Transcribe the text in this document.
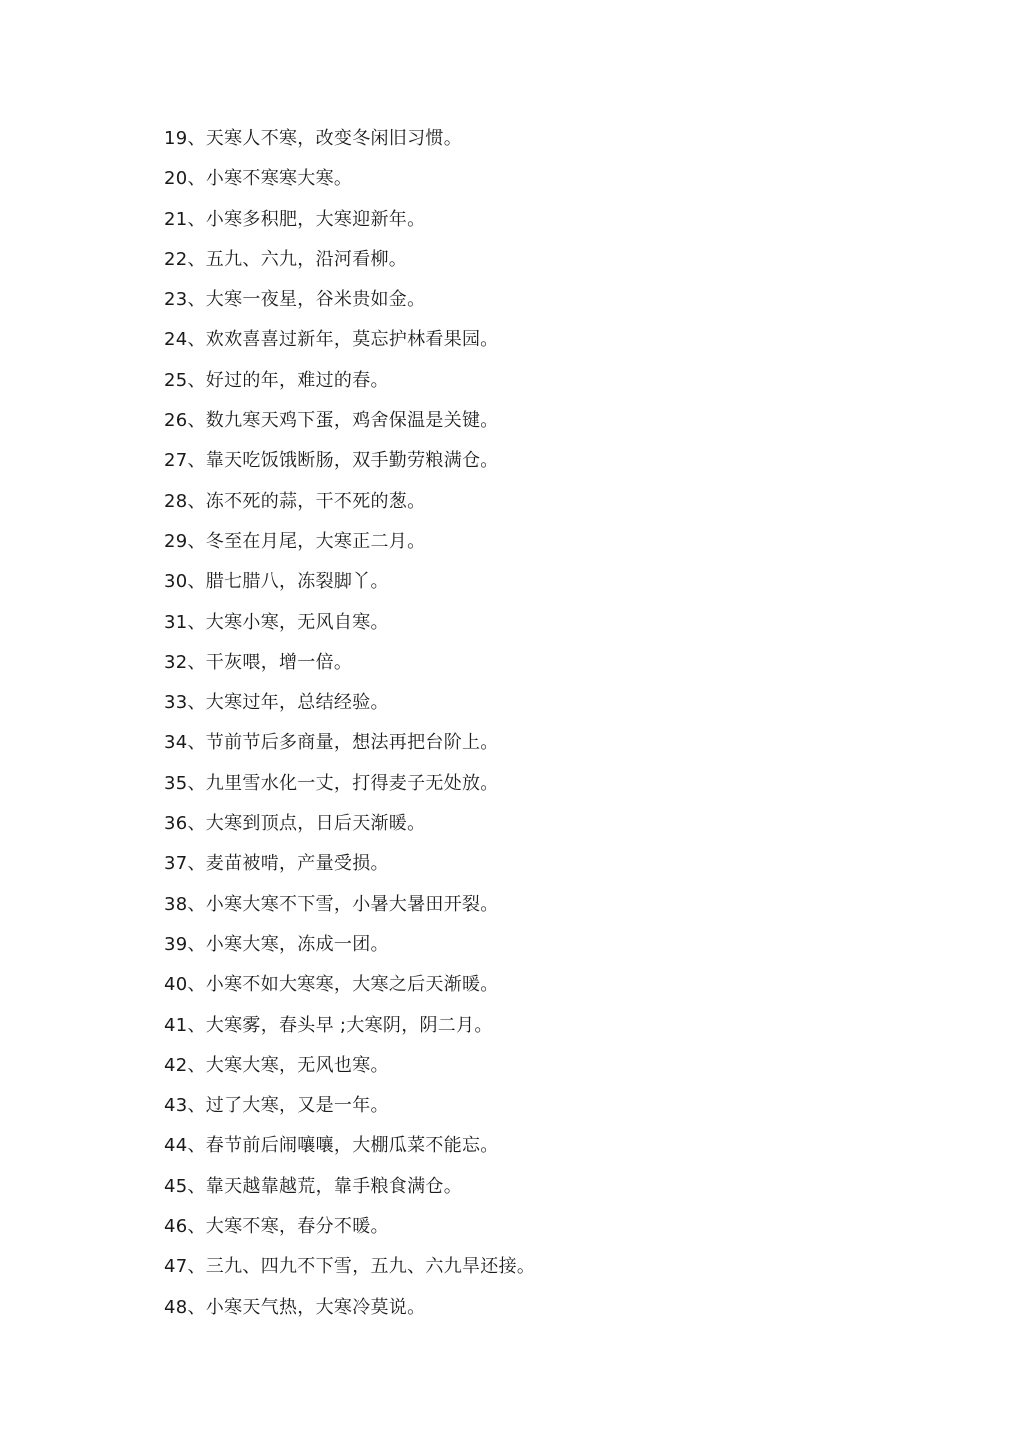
19、天寒人不寒，改变冬闲旧习惯。
20、小寒不寒寒大寒。
21、小寒多积肥，大寒迎新年。
22、五九、六九，沿河看柳。
23、大寒一夜星，谷米贵如金。
24、欢欢喜喜过新年，莫忘护林看果园。
25、好过的年，难过的春。
26、数九寒天鸡下蛋，鸡舍保温是关键。
27、靠天吃饭饿断肠，双手勤劳粮满仓。
28、冻不死的蒜，干不死的葱。
29、冬至在月尾，大寒正二月。
30、腊七腊八，冻裂脚丫。
31、大寒小寒，无风自寒。
32、干灰喂，增一倍。
33、大寒过年，总结经验。
34、节前节后多商量，想法再把台阶上。
35、九里雪水化一丈，打得麦子无处放。
36、大寒到顶点，日后天渐暖。
37、麦苗被啃，产量受损。
38、小寒大寒不下雪，小暑大暑田开裂。
39、小寒大寒，冻成一团。
40、小寒不如大寒寒，大寒之后天渐暖。
41、大寒雾，春头早 ;大寒阴，阴二月。
42、大寒大寒，无风也寒。
43、过了大寒，又是一年。
44、春节前后闹嚷嚷，大棚瓜菜不能忘。
45、靠天越靠越荒，靠手粮食满仓。
46、大寒不寒，春分不暖。
47、三九、四九不下雪，五九、六九旱还接。
48、小寒天气热，大寒冷莫说。
